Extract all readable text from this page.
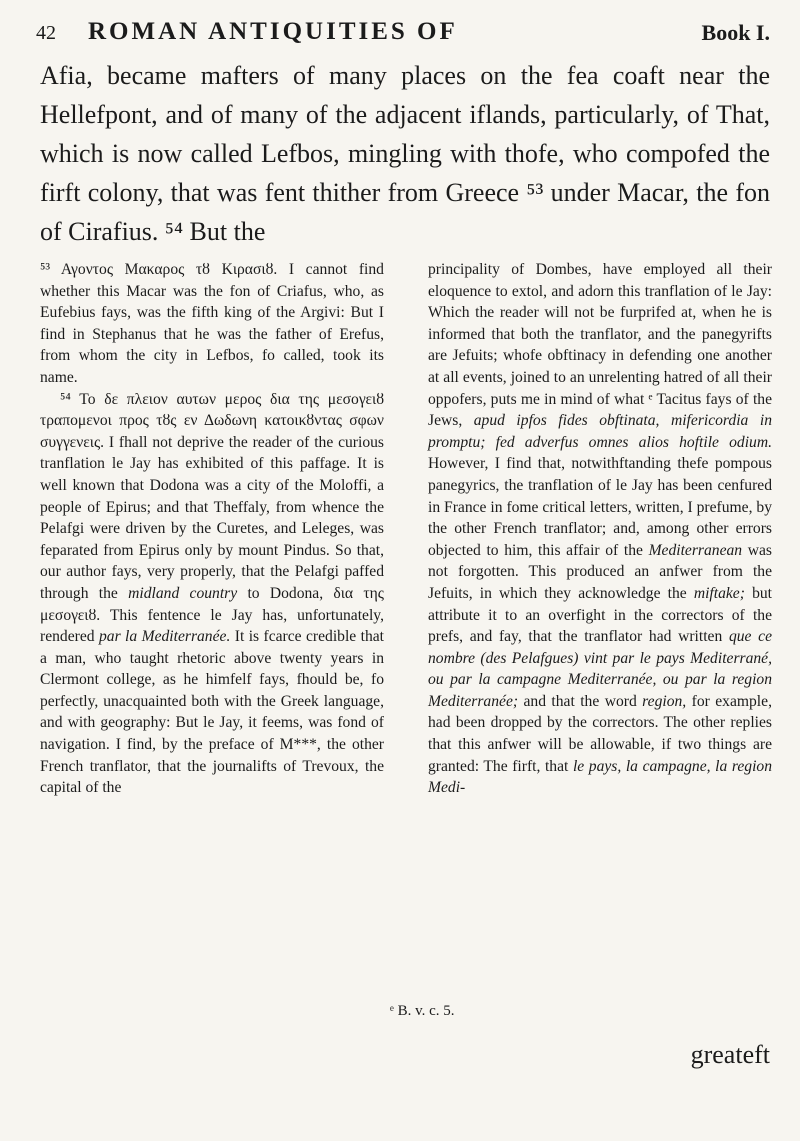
42 ROMAN ANTIQUITIES OF	Book I.
Afia, became mafters of many places on the fea coaft near the Hellefpont, and of many of the adjacent iflands, particularly, of That, which is now called Lefbos, mingling with thofe, who compofed the firft colony, that was fent thither from Greece ⁵³ under Macar, the fon of Cirafius. ⁵⁴ But the

⁵³ Αγοντος Μακαρος τȣ Κιρασιȣ. I cannot find whether this Macar was the fon of Criafus, who, as Eufebius fays, was the fifth king of the Argivi: But I find in Stephanus that he was the father of Erefus, from whom the city in Lefbos, fo called, took its name.

⁵⁴ Το δε πλειον αυτων μερος δια της μεσογειȣ τραπομενοι πρoς τȣς εν Δωδωνη κατοικȣντας σφων συγγενεις. I fhall not deprive the reader of the curious tranflation le Jay has exhibited of this paffage. It is well known that Dodona was a city of the Moloffi, a people of Epirus; and that Theffaly, from whence the Pelafgi were driven by the Curetes, and Leleges, was feparated from Epirus only by mount Pindus. So that, our author fays, very properly, that the Pelafgi paffed through the midland country to Dodona, δια της μεσογειȣ. This fentence le Jay has, unfortunately, rendered par la Mediterranée. It is fcarce credible that a man, who taught rhetoric above twenty years in Clermont college, as he himfelf fays, fhould be, fo perfectly, unacquainted both with the Greek language, and with geography: But le Jay, it feems, was fond of navigation. I find, by the preface of M***, the other French tranflator, that the journalifts of Trevoux, the capital of the

principality of Dombes, have employed all their eloquence to extol, and adorn this tranflation of le Jay: Which the reader will not be furprifed at, when he is informed that both the tranflator, and the panegyrifts are Jefuits; whofe obftinacy in defending one another at all events, joined to an unrelenting hatred of all their oppofers, puts me in mind of what ᵉ Tacitus fays of the Jews, apud ipfos fides obftinata, mifericordia in promptu; fed adverfus omnes alios hoftile odium. However, I find that, notwithftanding thefe pompous panegyrics, the tranflation of le Jay has been cenfured in France in fome critical letters, written, I prefume, by the other French tranflator; and, among other errors objected to him, this affair of the Mediterranean was not forgotten. This produced an anfwer from the Jefuits, in which they acknowledge the miftake; but attribute it to an overfight in the correctors of the prefs, and fay, that the tranflator had written que ce nombre (des Pelafgues) vint par le pays Mediterrané, ou par la campagne Mediterranée, ou par la region Mediterranée; and that the word region, for example, had been dropped by the correctors. The other replies that this anfwer will be allowable, if two things are granted: The firft, that le pays, la campagne, la region Medi-

ᵉ B. v. c. 5.
greateft
